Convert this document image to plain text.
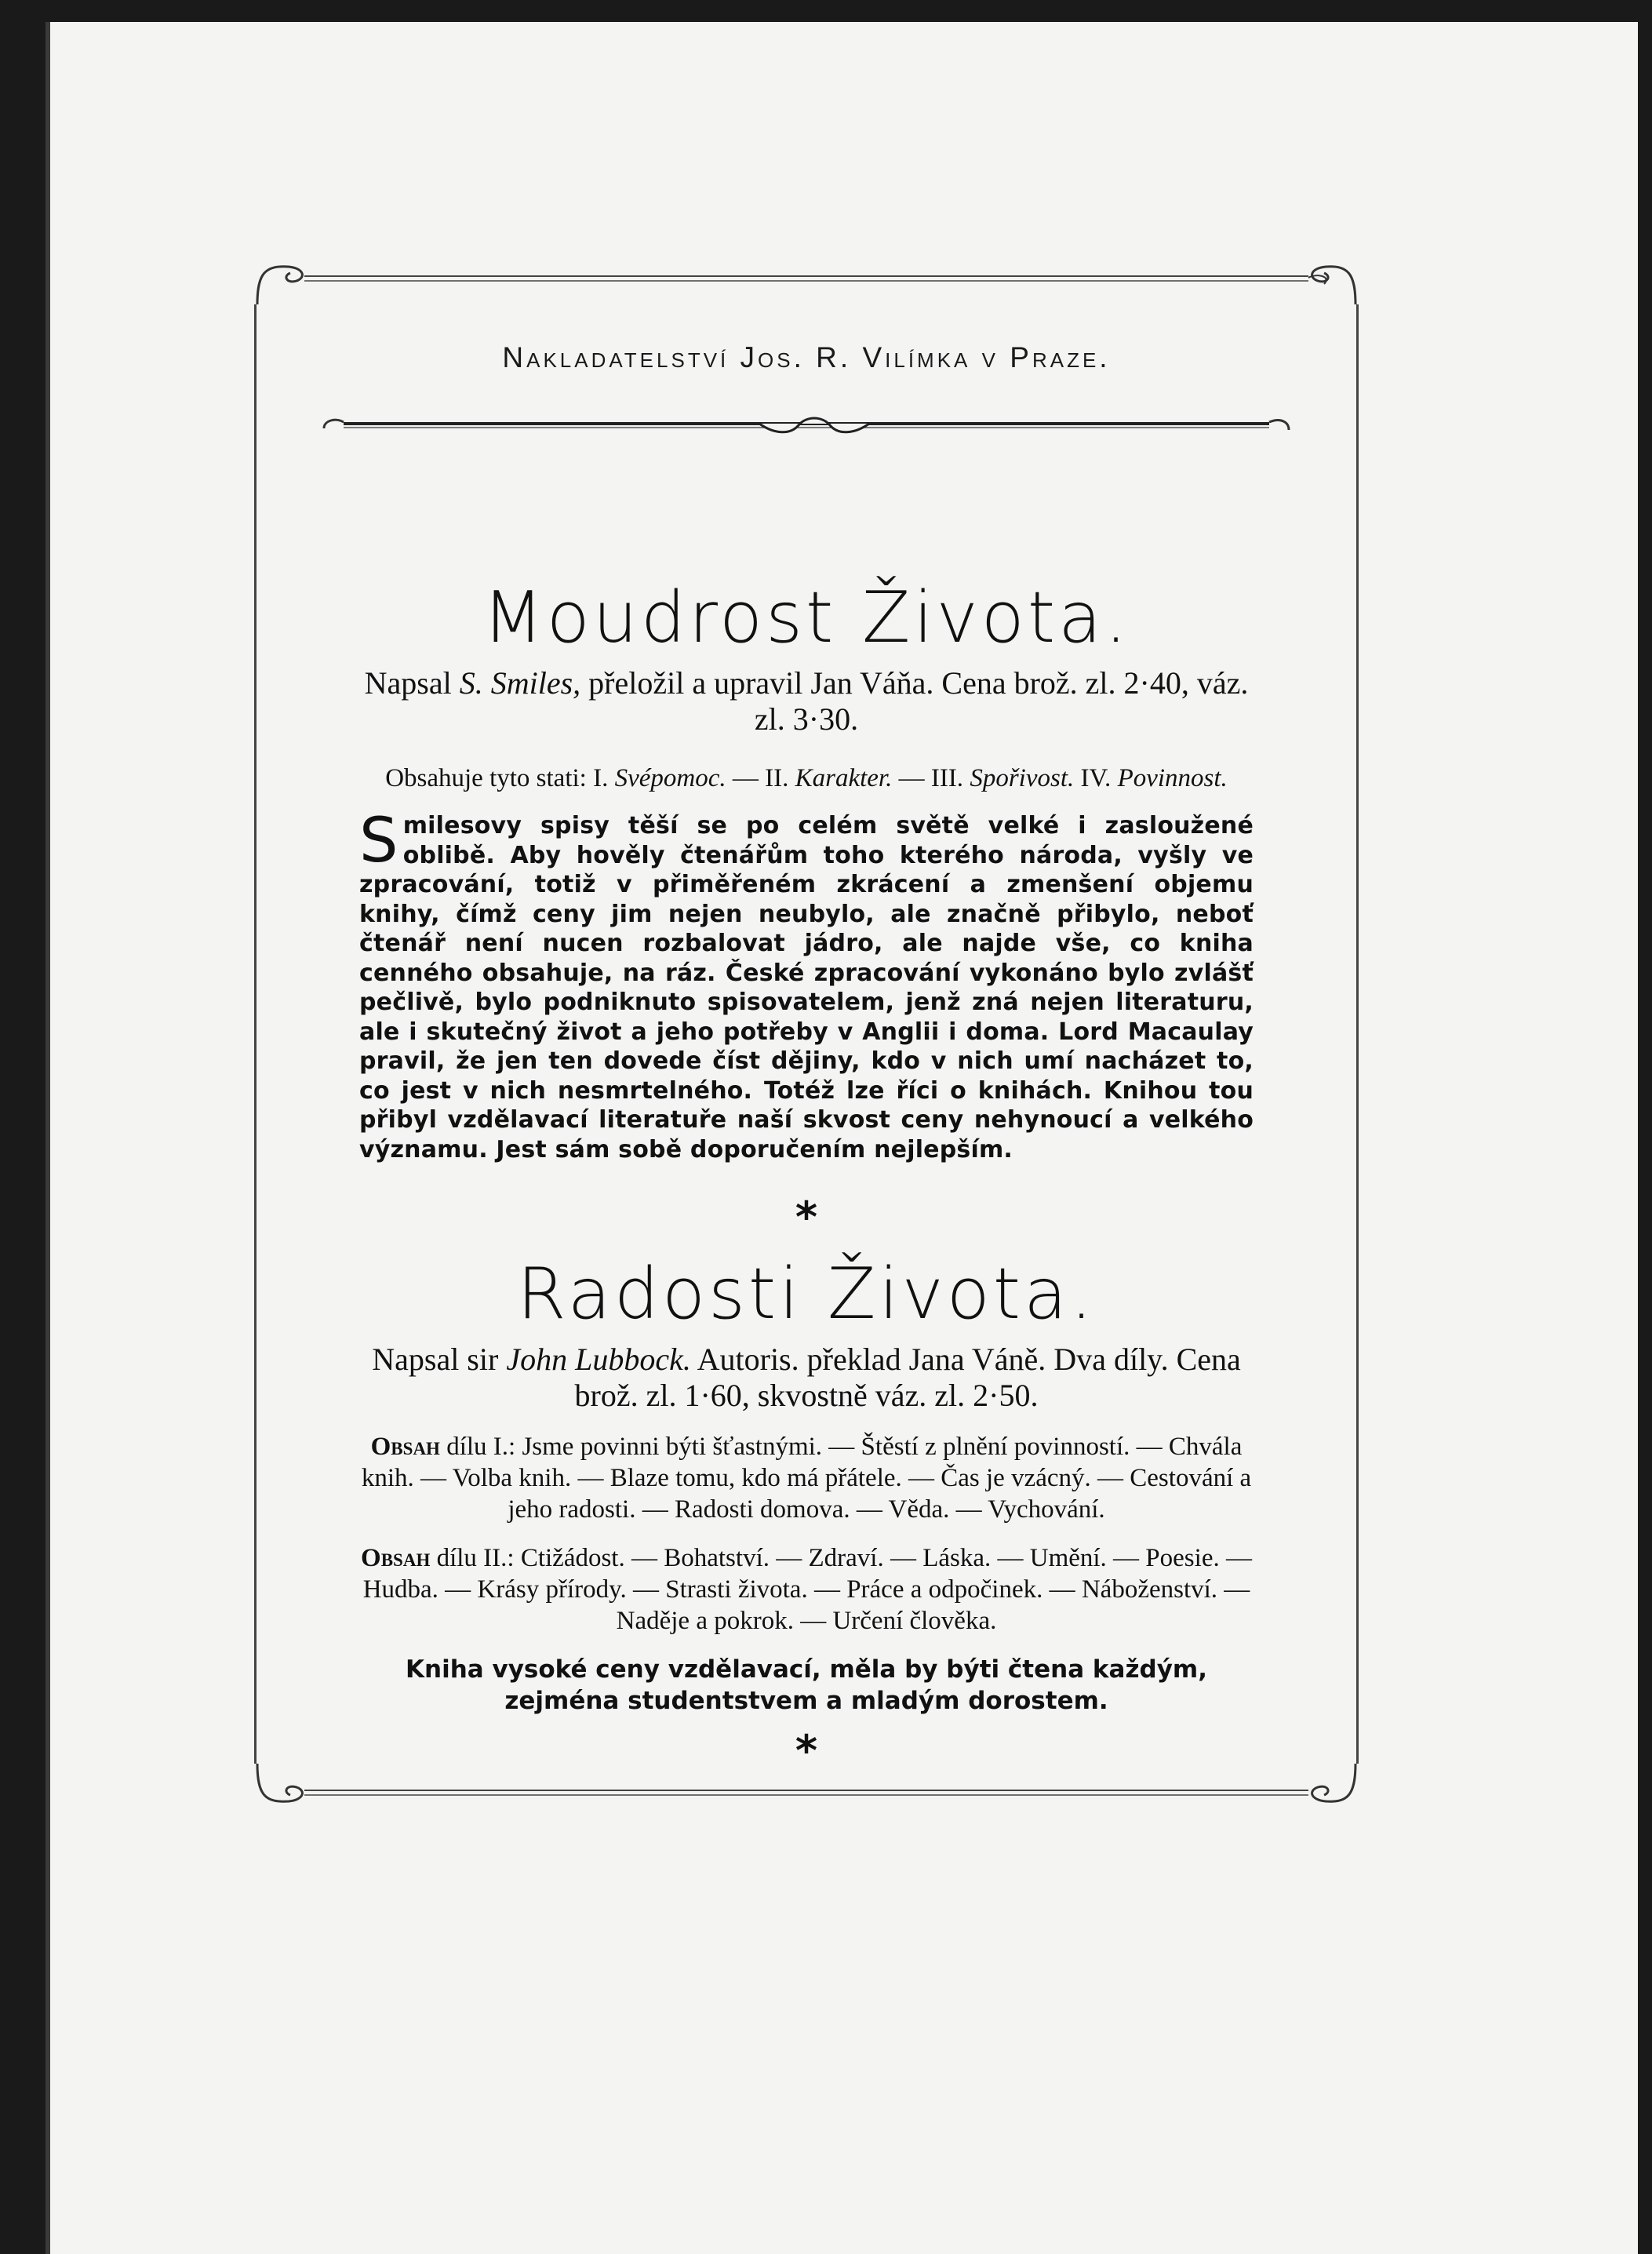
Nakladatelství Jos. R. Vilímka v Praze.
Moudrost Života.

Napsal S. Smiles, přeložil a upravil Jan Váňa. Cena brož. zl. 2·40, váz. zl. 3·30.

Obsahuje tyto stati: I. Svépomoc. — II. Karakter. — III. Spořivost. IV. Povinnost.

Smilesovy spisy těší se po celém světě velké i zasloužené oblibě. Aby hověly čtenářům toho kterého národa, vyšly ve zpracování, totiž v přiměřeném zkrácení a zmenšení objemu knihy, čímž ceny jim nejen neubylo, ale značně přibylo, neboť čtenář není nucen rozbalovat jádro, ale najde vše, co kniha cenného obsahuje, na ráz. České zpracování vykonáno bylo zvlášť pečlivě, bylo podniknuto spisovatelem, jenž zná nejen literaturu, ale i skutečný život a jeho potřeby v Anglii i doma. Lord Macaulay pravil, že jen ten dovede číst dějiny, kdo v nich umí nacházet to, co jest v nich nesmrtelného. Totéž lze říci o knihách. Knihou tou přibyl vzdělavací literatuře naší skvost ceny nehynoucí a velkého významu. Jest sám sobě doporučením nejlepším.

*
Radosti Života.

Napsal sir John Lubbock. Autoris. překlad Jana Váně. Dva díly. Cena brož. zl. 1·60, skvostně váz. zl. 2·50.

Obsah dílu I.: Jsme povinni býti šťastnými. — Štěstí z plnění povinností. — Chvála knih. — Volba knih. — Blaze tomu, kdo má přátele. — Čas je vzácný. — Cestování a jeho radosti. — Radosti domova. — Věda. — Vychování.

Obsah dílu II.: Ctižádost. — Bohatství. — Zdraví. — Láska. — Umění. — Poesie. — Hudba. — Krásy přírody. — Strasti života. — Práce a odpočinek. — Náboženství. — Naděje a pokrok. — Určení člověka.

Kniha vysoké ceny vzdělavací, měla by býti čtena každým, zejména studentstvem a mladým dorostem.

*
